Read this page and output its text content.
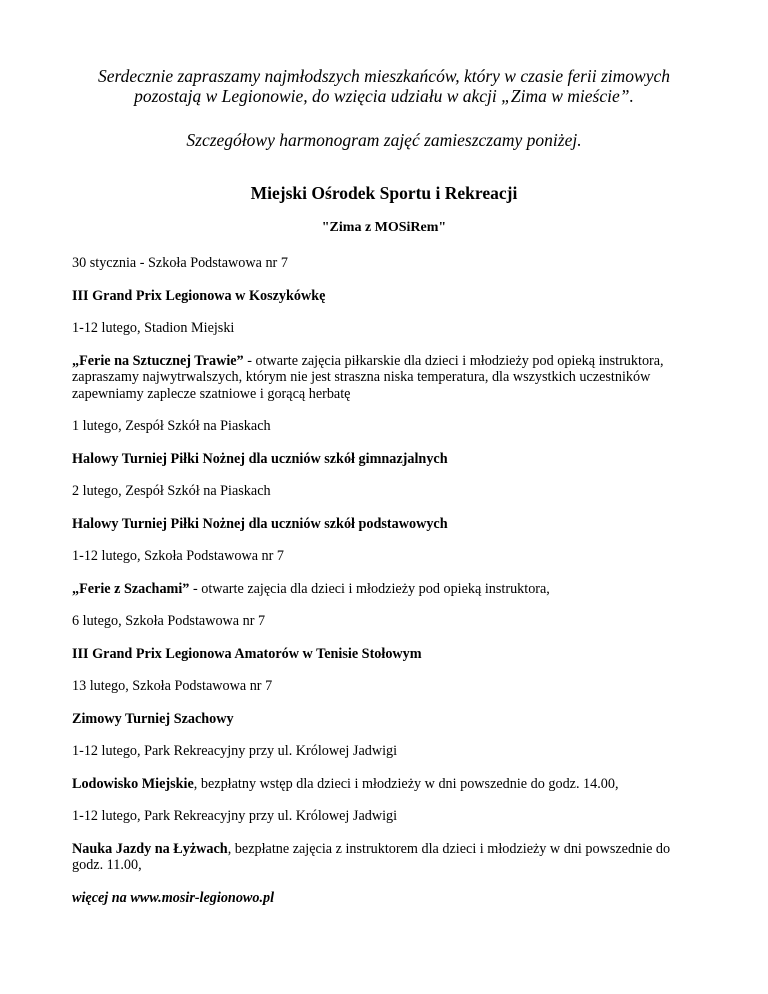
Serdecznie zapraszamy najmłodszych mieszkańców, który w czasie ferii zimowych
pozostają w Legionowie, do wzięcia udziału w akcji „Zima w mieście”.

Szczegółowy harmonogram zajęć zamieszczamy poniżej.

Miejski Ośrodek Sportu i Rekreacji

"Zima z MOSiRem"

30 stycznia - Szkoła Podstawowa nr 7

III Grand Prix Legionowa w Koszykówkę

1-12 lutego, Stadion Miejski

„Ferie na Sztucznej Trawie” - otwarte zajęcia piłkarskie dla dzieci i młodzieży pod opieką instruktora, zapraszamy najwytrwalszych, którym nie jest straszna niska temperatura, dla wszystkich uczestników zapewniamy zaplecze szatniowe i gorącą herbatę

1 lutego, Zespół Szkół na Piaskach

Halowy Turniej Piłki Nożnej dla uczniów szkół gimnazjalnych

2 lutego, Zespół Szkół na Piaskach

Halowy Turniej Piłki Nożnej dla uczniów szkół podstawowych

1-12 lutego, Szkoła Podstawowa nr 7

„Ferie z Szachami” - otwarte zajęcia dla dzieci i młodzieży pod opieką instruktora,

6 lutego, Szkoła Podstawowa nr 7

III Grand Prix Legionowa Amatorów w Tenisie Stołowym

13 lutego, Szkoła Podstawowa nr 7

Zimowy Turniej Szachowy

1-12 lutego, Park Rekreacyjny przy ul. Królowej Jadwigi

Lodowisko Miejskie, bezpłatny wstęp dla dzieci i młodzieży w dni powszednie do godz. 14.00,

1-12 lutego, Park Rekreacyjny przy ul. Królowej Jadwigi

Nauka Jazdy na Łyżwach, bezpłatne zajęcia z instruktorem dla dzieci i młodzieży w dni powszednie do godz. 11.00,

więcej na www.mosir-legionowo.pl
